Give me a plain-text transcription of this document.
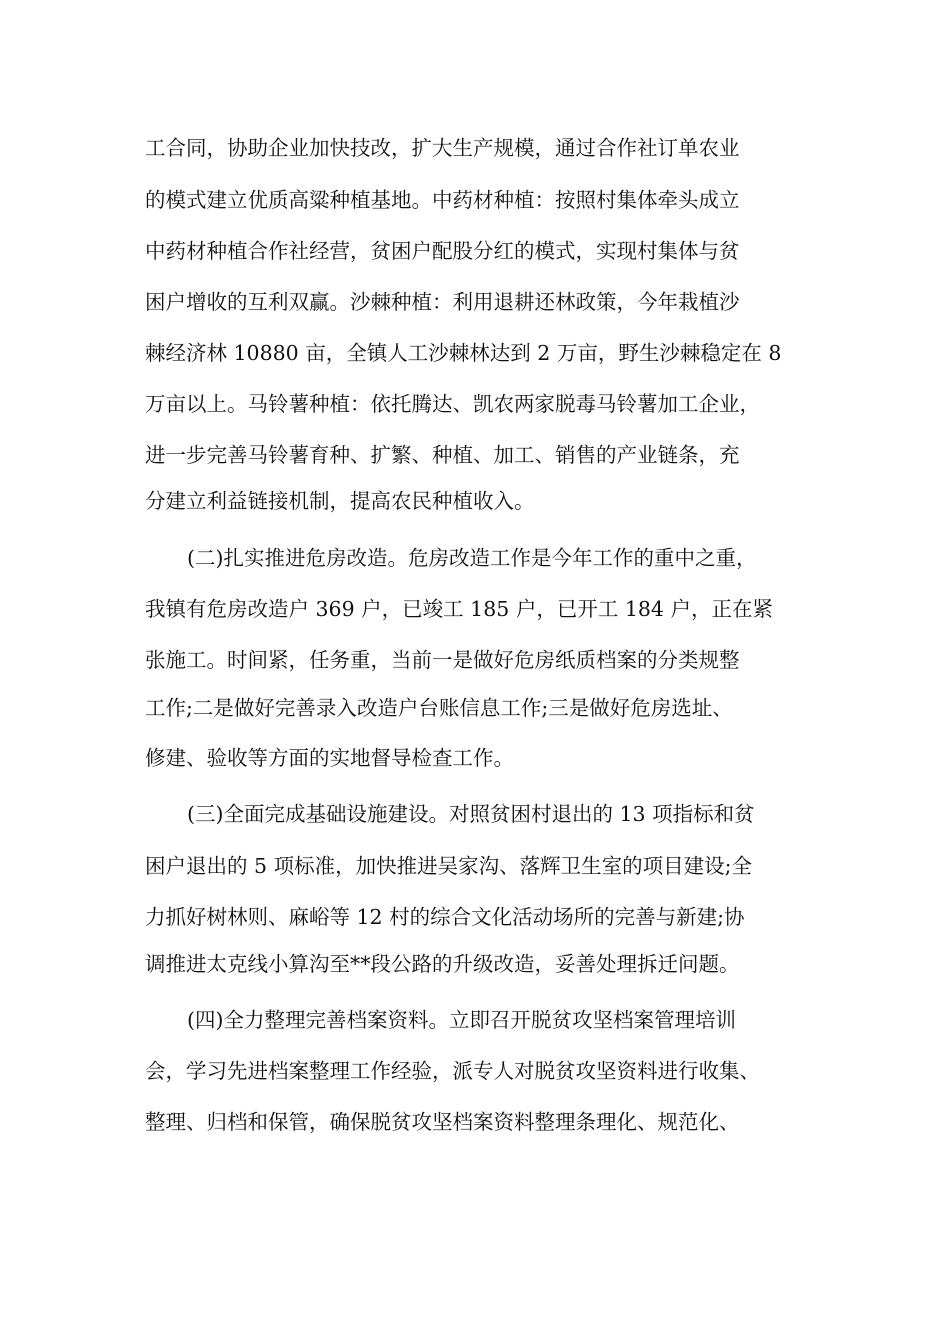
工合同，协助企业加快技改，扩大生产规模，通过合作社订单农业
的模式建立优质高粱种植基地。中药材种植：按照村集体牵头成立
中药材种植合作社经营，贫困户配股分红的模式，实现村集体与贫
困户增收的互利双赢。沙棘种植：利用退耕还林政策，今年栽植沙
棘经济林 10880 亩，全镇人工沙棘林达到 2 万亩，野生沙棘稳定在 8
万亩以上。马铃薯种植：依托腾达、凯农两家脱毒马铃薯加工企业，
进一步完善马铃薯育种、扩繁、种植、加工、销售的产业链条，充
分建立利益链接机制，提高农民种植收入。
(二)扎实推进危房改造。危房改造工作是今年工作的重中之重，
我镇有危房改造户 369 户，已竣工 185 户，已开工 184 户，正在紧
张施工。时间紧，任务重，当前一是做好危房纸质档案的分类规整
工作;二是做好完善录入改造户台账信息工作;三是做好危房选址、
修建、验收等方面的实地督导检查工作。
(三)全面完成基础设施建设。对照贫困村退出的 13 项指标和贫
困户退出的 5 项标准，加快推进吴家沟、落辉卫生室的项目建设;全
力抓好树林则、麻峪等 12 村的综合文化活动场所的完善与新建;协
调推进太克线小算沟至**段公路的升级改造，妥善处理拆迁问题。
(四)全力整理完善档案资料。立即召开脱贫攻坚档案管理培训
会，学习先进档案整理工作经验，派专人对脱贫攻坚资料进行收集、
整理、归档和保管，确保脱贫攻坚档案资料整理条理化、规范化、
